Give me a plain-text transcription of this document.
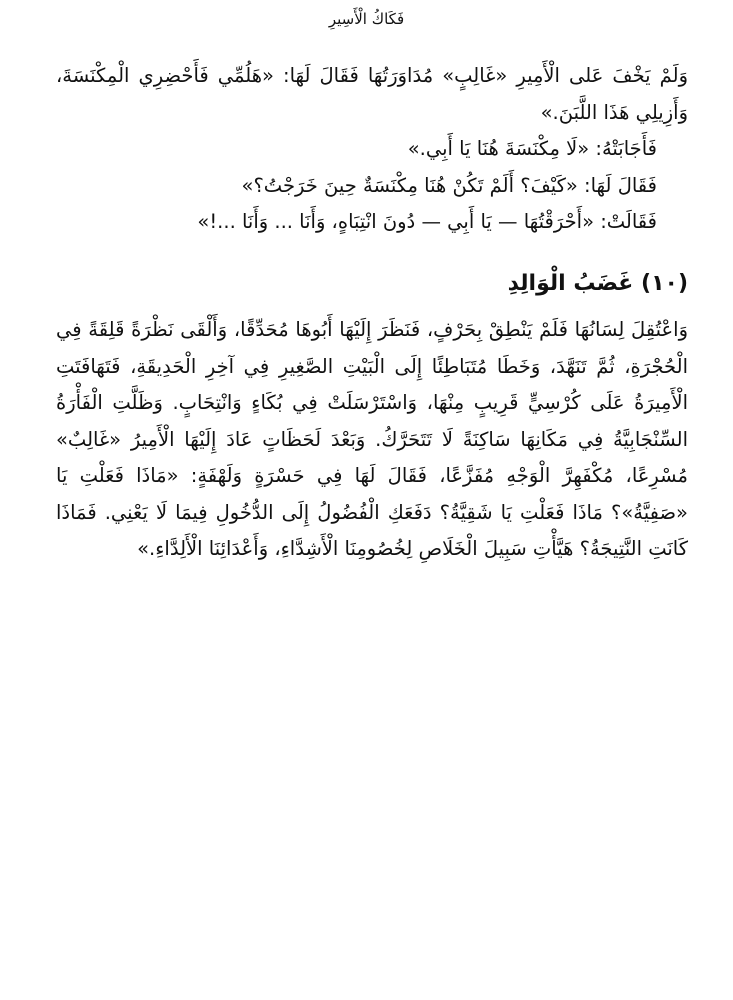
فَكَاكُ الْأَسِيرِ

وَلَمْ يَخْفَ عَلى الْأَمِيرِ «غَالِبٍ» مُدَاوَرَتُهَا فَقَالَ لَهَا: «هَلُمِّي فَأَحْضِرِي الْمِكْنَسَةَ، وَأَزِيلِي هَذَا اللَّبَنَ.»

فَأَجَابَتْهُ: «لَا مِكْنَسَةَ هُنَا يَا أَبِي.»

فَقَالَ لَهَا: «كَيْفَ؟ أَلَمْ تَكُنْ هُنَا مِكْنَسَةٌ حِينَ خَرَجْتُ؟»

فَقَالَتْ: «أَحْرَقْتُهَا — يَا أَبِي — دُونَ انْتِبَاهٍ، وَأَنَا ... وَأَنَا ...!»

(١٠) غَضَبُ الْوَالِدِ

وَاعْتُقِلَ لِسَانُهَا فَلَمْ يَنْطِقْ بِحَرْفٍ، فَنَظَرَ إِلَيْهَا أَبُوهَا مُحَدِّقًا، وَأَلْقَى نَظْرَةً قَلِقَةً فِي الْحُجْرَةِ، ثُمَّ تَنَهَّدَ، وَخَطَا مُتَبَاطِئًا إِلَى الْبَيْتِ الصَّغِيرِ فِي آخِرِ الْحَدِيقَةِ، فَتَهَافَتَتِ الْأَمِيرَةُ عَلَى كُرْسِيٍّ قَرِيبٍ مِنْهَا، وَاسْتَرْسَلَتْ فِي بُكَاءٍ وَانْتِحَابٍ. وَظَلَّتِ الْفَأْرَةُ السِّنْجَابِيَّةُ فِي مَكَانِهَا سَاكِنَةً لَا تَتَحَرَّكُ. وَبَعْدَ لَحَظَاتٍ عَادَ إِلَيْهَا الْأَمِيرُ «غَالِبٌ» مُسْرِعًا، مُكْفَهِرَّ الْوَجْهِ مُفَزَّعًا، فَقَالَ لَهَا فِي حَسْرَةٍ وَلَهْفَةٍ: «مَاذَا فَعَلْتِ يَا «صَفِيَّةُ»؟ مَاذَا فَعَلْتِ يَا شَقِيَّةُ؟ دَفَعَكِ الْفُضُولُ إِلَى الدُّخُولِ فِيمَا لَا يَعْنِي. فَمَاذَا كَانَتِ النَّتِيجَةُ؟ هَيَّأْتِ سَبِيلَ الْخَلَاصِ لِخُصُومِنَا الْأَشِدَّاءِ، وَأَعْدَائِنَا الْأَلِدَّاءِ.»
